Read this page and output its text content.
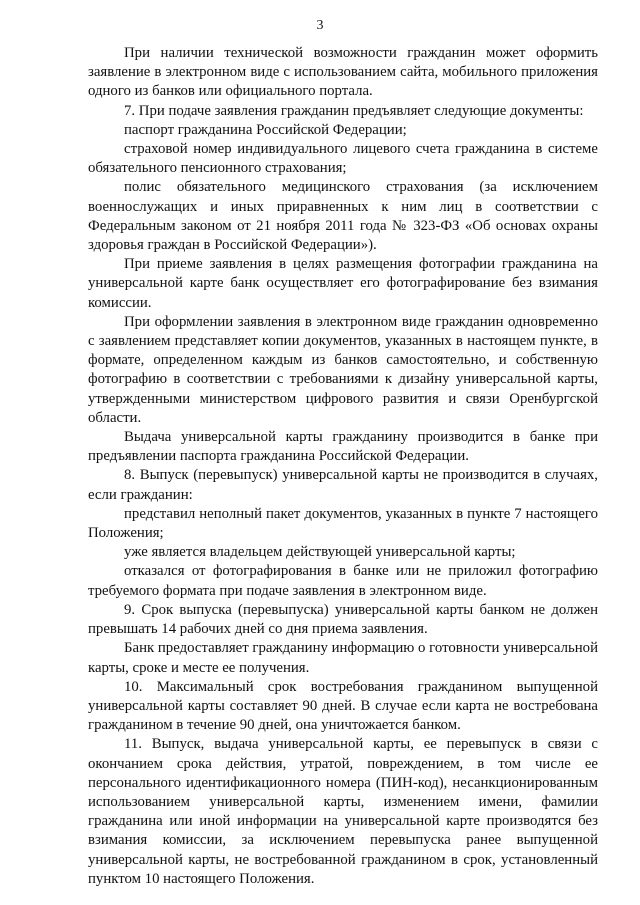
3

При наличии технической возможности гражданин может оформить заявление в электронном виде с использованием сайта, мобильного приложения одного из банков или официального портала.

7. При подаче заявления гражданин предъявляет следующие документы:

паспорт гражданина Российской Федерации;

страховой номер индивидуального лицевого счета гражданина в системе обязательного пенсионного страхования;

полис обязательного медицинского страхования (за исключением военнослужащих и иных приравненных к ним лиц в соответствии с Федеральным законом от 21 ноября 2011 года № 323-ФЗ «Об основах охраны здоровья граждан в Российской Федерации»).

При приеме заявления в целях размещения фотографии гражданина на универсальной карте банк осуществляет его фотографирование без взимания комиссии.

При оформлении заявления в электронном виде гражданин одновременно с заявлением представляет копии документов, указанных в настоящем пункте, в формате, определенном каждым из банков самостоятельно, и собственную фотографию в соответствии с требованиями к дизайну универсальной карты, утвержденными министерством цифрового развития и связи Оренбургской области.

Выдача универсальной карты гражданину производится в банке при предъявлении паспорта гражданина Российской Федерации.

8. Выпуск (перевыпуск) универсальной карты не производится в случаях, если гражданин:

представил неполный пакет документов, указанных в пункте 7 настоящего Положения;

уже является владельцем действующей универсальной карты;

отказался от фотографирования в банке или не приложил фотографию требуемого формата при подаче заявления в электронном виде.

9. Срок выпуска (перевыпуска) универсальной карты банком не должен превышать 14 рабочих дней со дня приема заявления.

Банк предоставляет гражданину информацию о готовности универсальной карты, сроке и месте ее получения.

10. Максимальный срок востребования гражданином выпущенной универсальной карты составляет 90 дней. В случае если карта не востребована гражданином в течение 90 дней, она уничтожается банком.

11. Выпуск, выдача универсальной карты, ее перевыпуск в связи с окончанием срока действия, утратой, повреждением, в том числе ее персонального идентификационного номера (ПИН-код), несанкционированным использованием универсальной карты, изменением имени, фамилии гражданина или иной информации на универсальной карте производятся без взимания комиссии, за исключением перевыпуска ранее выпущенной универсальной карты, не востребованной гражданином в срок, установленный пунктом 10 настоящего Положения.
